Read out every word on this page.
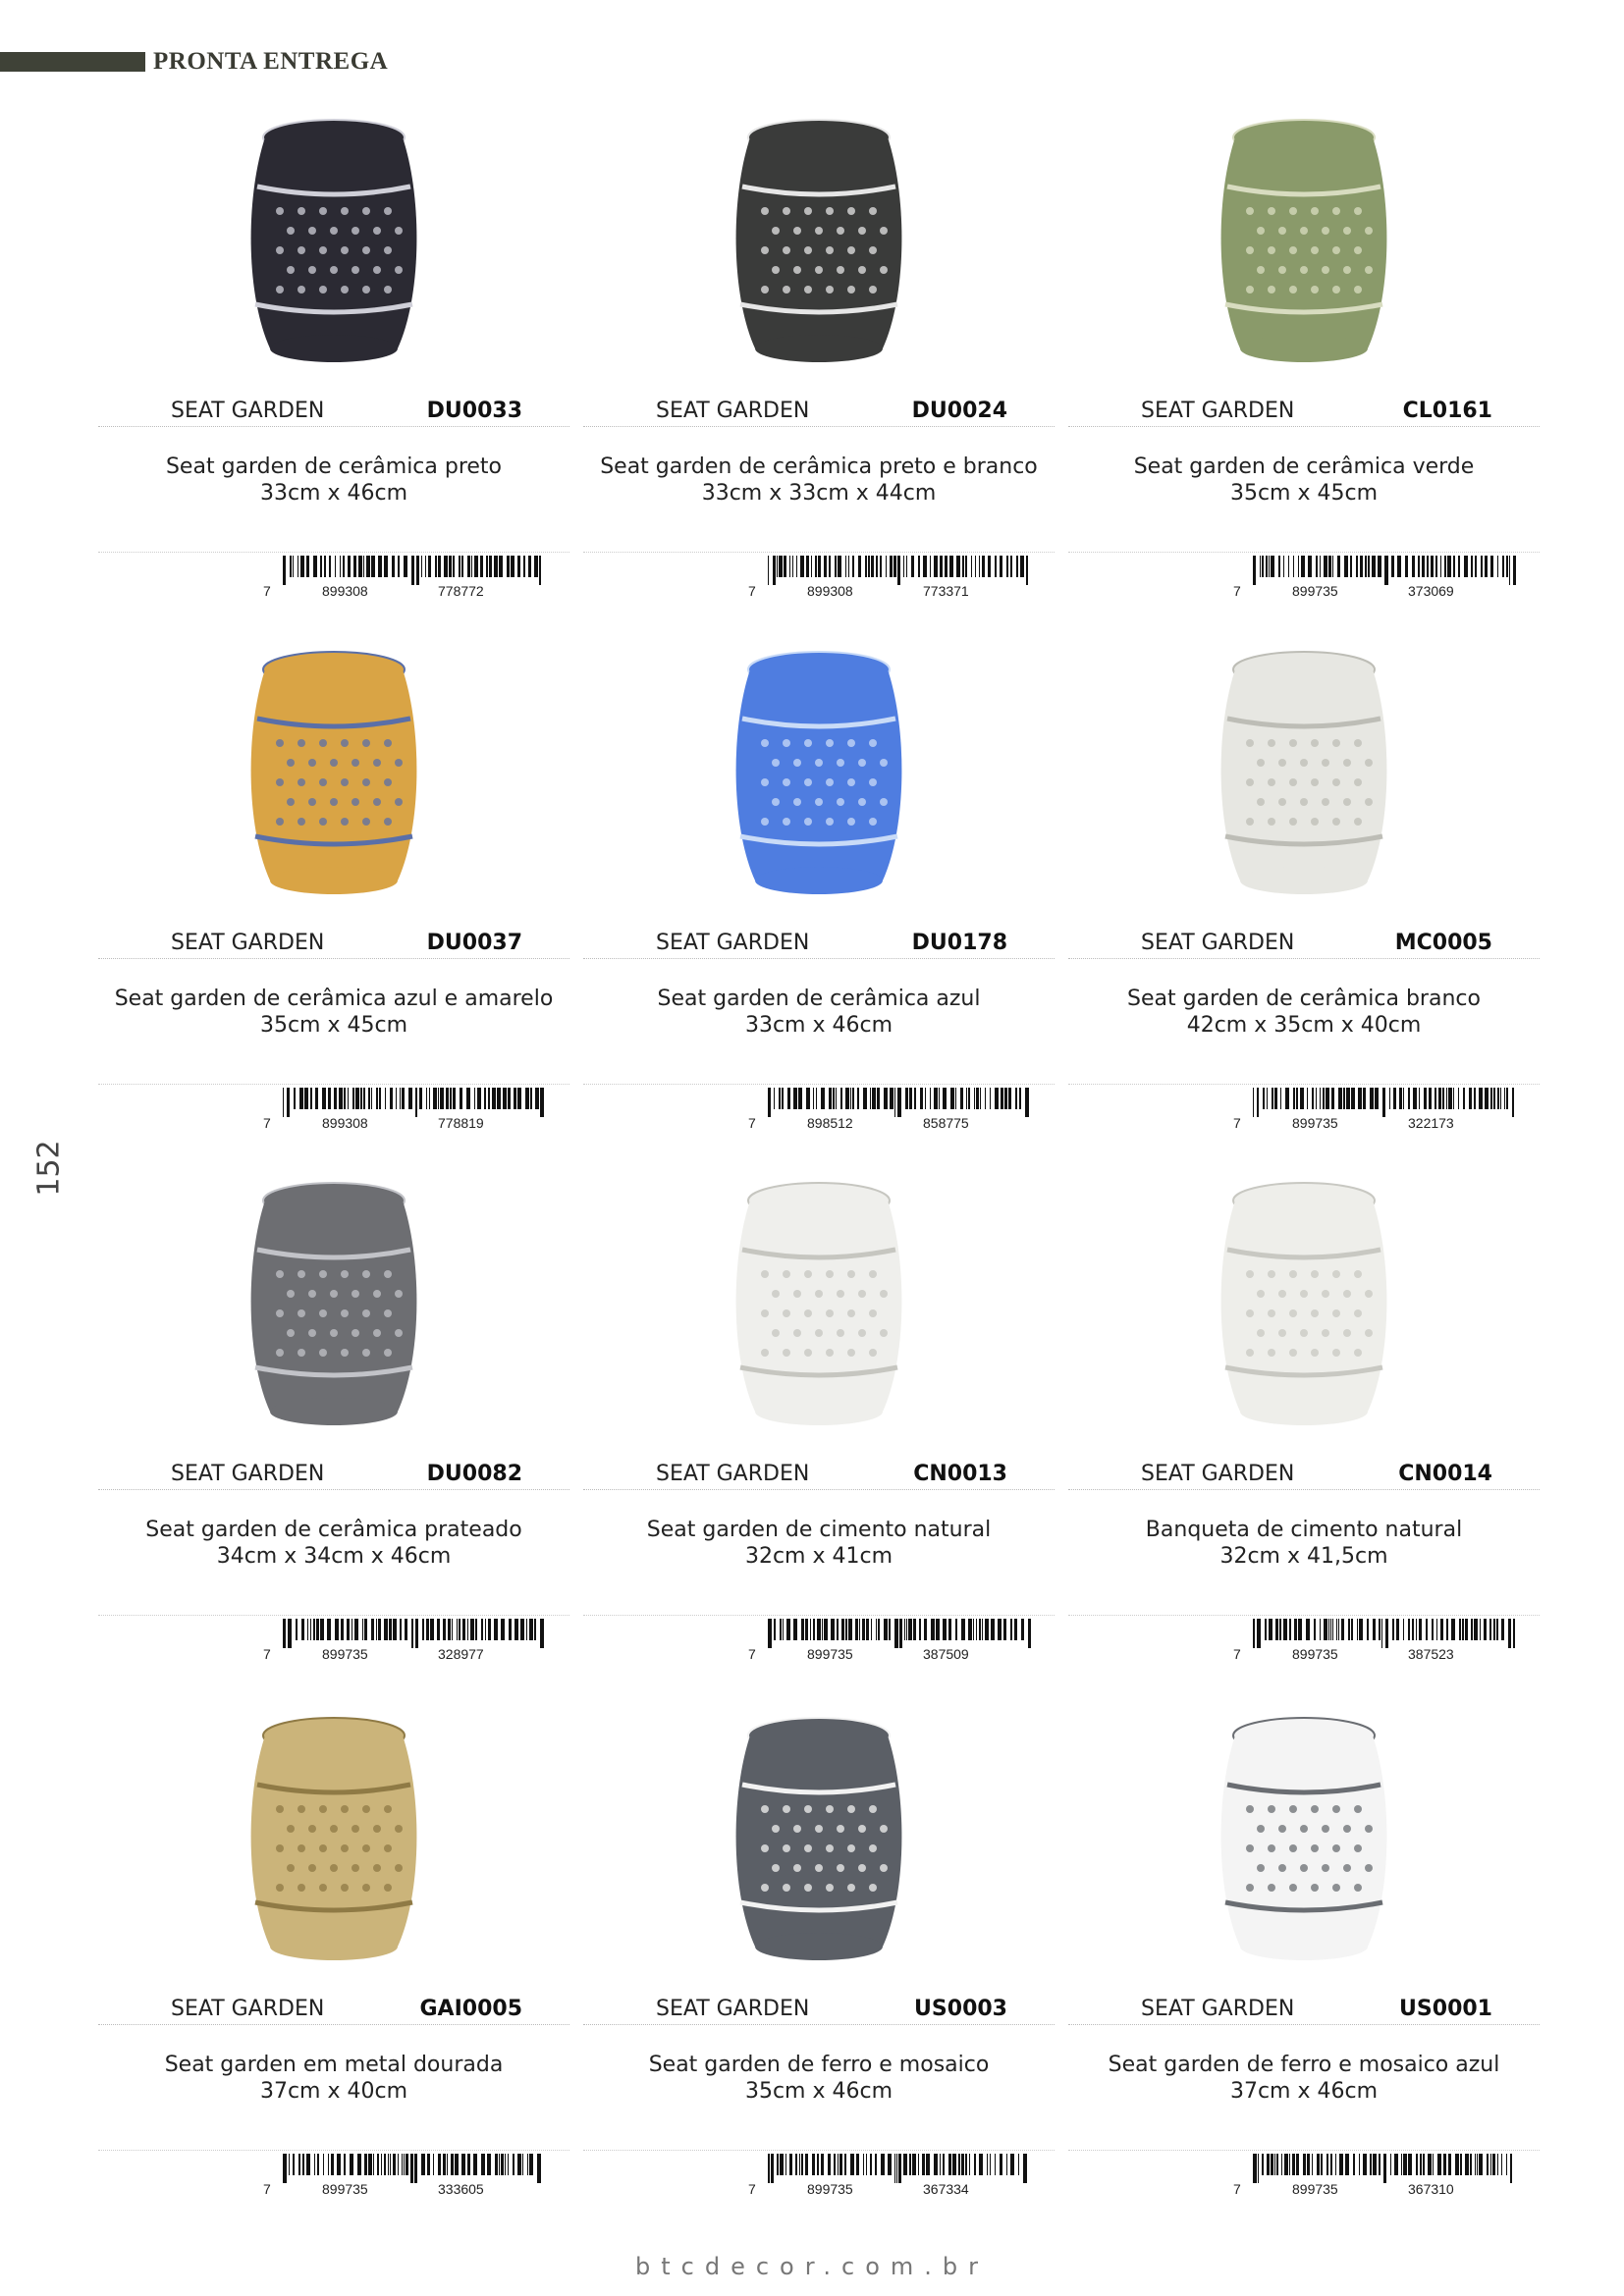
PRONTA ENTREGA
152
SEAT GARDEN	DU0033
Seat garden de cerâmica preto
33cm x 46cm
7	899308	778772
SEAT GARDEN	DU0024
Seat garden de cerâmica preto e branco
33cm x 33cm x 44cm
7	899308	773371
SEAT GARDEN	CL0161
Seat garden de cerâmica verde
35cm x 45cm
7	899735	373069
SEAT GARDEN	DU0037
Seat garden de cerâmica azul e amarelo
35cm x 45cm
7	899308	778819
SEAT GARDEN	DU0178
Seat garden de cerâmica azul
33cm x 46cm
7	898512	858775
SEAT GARDEN	MC0005
Seat garden de cerâmica branco
42cm x 35cm x 40cm
7	899735	322173
SEAT GARDEN	DU0082
Seat garden de cerâmica prateado
34cm x 34cm x 46cm
7	899735	328977
SEAT GARDEN	CN0013
Seat garden de cimento natural
32cm x 41cm
7	899735	387509
SEAT GARDEN	CN0014
Banqueta de cimento natural
32cm x 41,5cm
7	899735	387523
SEAT GARDEN	GAI0005
Seat garden em metal dourada
37cm x 40cm
7	899735	333605
SEAT GARDEN	US0003
Seat garden de ferro e mosaico
35cm x 46cm
7	899735	367334
SEAT GARDEN	US0001
Seat garden de ferro e mosaico azul
37cm x 46cm
7	899735	367310
btcdecor.com.br
